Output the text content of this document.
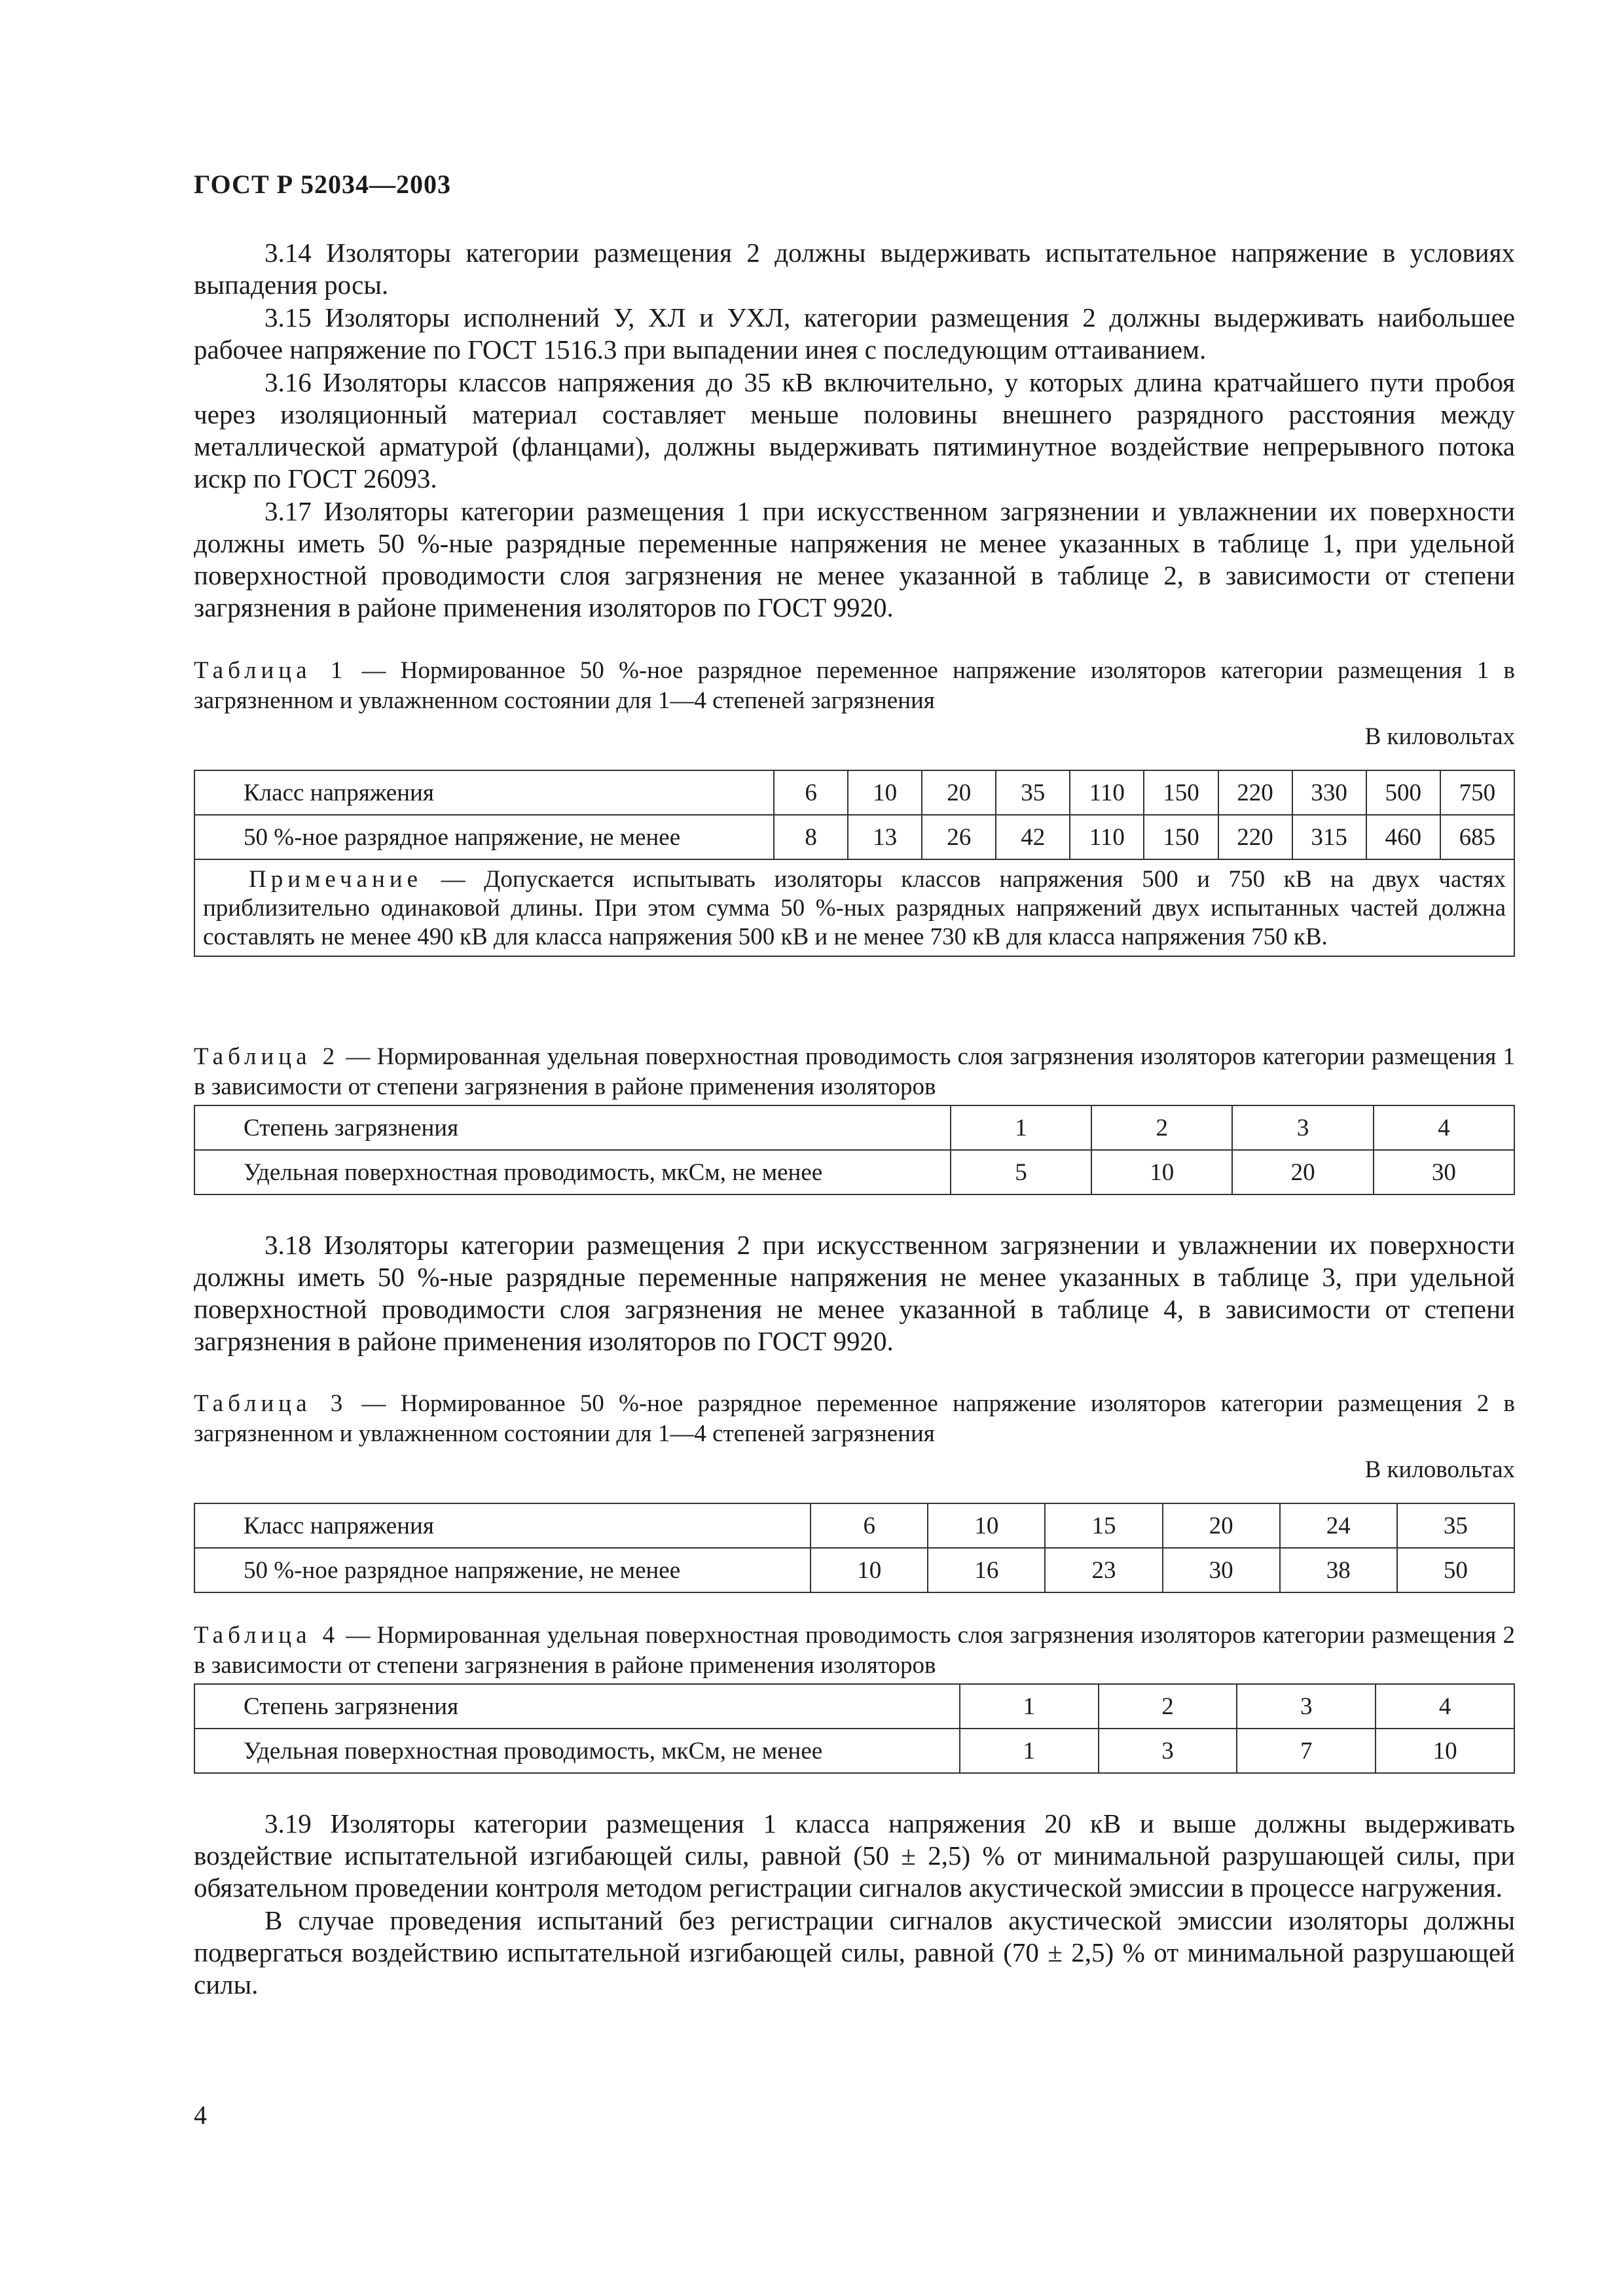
ГОСТ Р 52034—2003

3.14 Изоляторы категории размещения 2 должны выдерживать испытательное напряжение в условиях выпадения росы.

3.15 Изоляторы исполнений У, ХЛ и УХЛ, категории размещения 2 должны выдерживать наибольшее рабочее напряжение по ГОСТ 1516.3 при выпадении инея с последующим оттаиванием.

3.16 Изоляторы классов напряжения до 35 кВ включительно, у которых длина кратчайшего пути пробоя через изоляционный материал составляет меньше половины внешнего разрядного расстояния между металлической арматурой (фланцами), должны выдерживать пятиминутное воздействие непрерывного потока искр по ГОСТ 26093.

3.17 Изоляторы категории размещения 1 при искусственном загрязнении и увлажнении их поверхности должны иметь 50 %-ные разрядные переменные напряжения не менее указанных в таблице 1, при удельной поверхностной проводимости слоя загрязнения не менее указанной в таблице 2, в зависимости от степени загрязнения в районе применения изоляторов по ГОСТ 9920.

Таблица 1 — Нормированное 50 %-ное разрядное переменное напряжение изоляторов категории размещения 1 в загрязненном и увлажненном состоянии для 1—4 степеней загрязнения

В киловольтах
Класс напряжения	6	10	20	35	110	150	220	330	500	750
50 %-ное разрядное напряжение, не менее	8	13	26	42	110	150	220	315	460	685
Примечание — Допускается испытывать изоляторы классов напряжения 500 и 750 кВ на двух частях приблизительно одинаковой длины. При этом сумма 50 %-ных разрядных напряжений двух испытанных частей должна составлять не менее 490 кВ для класса напряжения 500 кВ и не менее 730 кВ для класса напряжения 750 кВ.										

Таблица 2 — Нормированная удельная поверхностная проводимость слоя загрязнения изоляторов категории размещения 1 в зависимости от степени загрязнения в районе применения изоляторов

Степень загрязнения	1	2	3	4
Удельная поверхностная проводимость, мкСм, не менее	5	10	20	30

3.18 Изоляторы категории размещения 2 при искусственном загрязнении и увлажнении их поверхности должны иметь 50 %-ные разрядные переменные напряжения не менее указанных в таблице 3, при удельной поверхностной проводимости слоя загрязнения не менее указанной в таблице 4, в зависимости от степени загрязнения в районе применения изоляторов по ГОСТ 9920.

Таблица 3 — Нормированное 50 %-ное разрядное переменное напряжение изоляторов категории размещения 2 в загрязненном и увлажненном состоянии для 1—4 степеней загрязнения

В киловольтах
Класс напряжения	6	10	15	20	24	35
50 %-ное разрядное напряжение, не менее	10	16	23	30	38	50

Таблица 4 — Нормированная удельная поверхностная проводимость слоя загрязнения изоляторов категории размещения 2 в зависимости от степени загрязнения в районе применения изоляторов

Степень загрязнения	1	2	3	4
Удельная поверхностная проводимость, мкСм, не менее	1	3	7	10

3.19 Изоляторы категории размещения 1 класса напряжения 20 кВ и выше должны выдерживать воздействие испытательной изгибающей силы, равной (50 ± 2,5) % от минимальной разрушающей силы, при обязательном проведении контроля методом регистрации сигналов акустической эмиссии в процессе нагружения.

В случае проведения испытаний без регистрации сигналов акустической эмиссии изоляторы должны подвергаться воздействию испытательной изгибающей силы, равной (70 ± 2,5) % от минимальной разрушающей силы.

4
